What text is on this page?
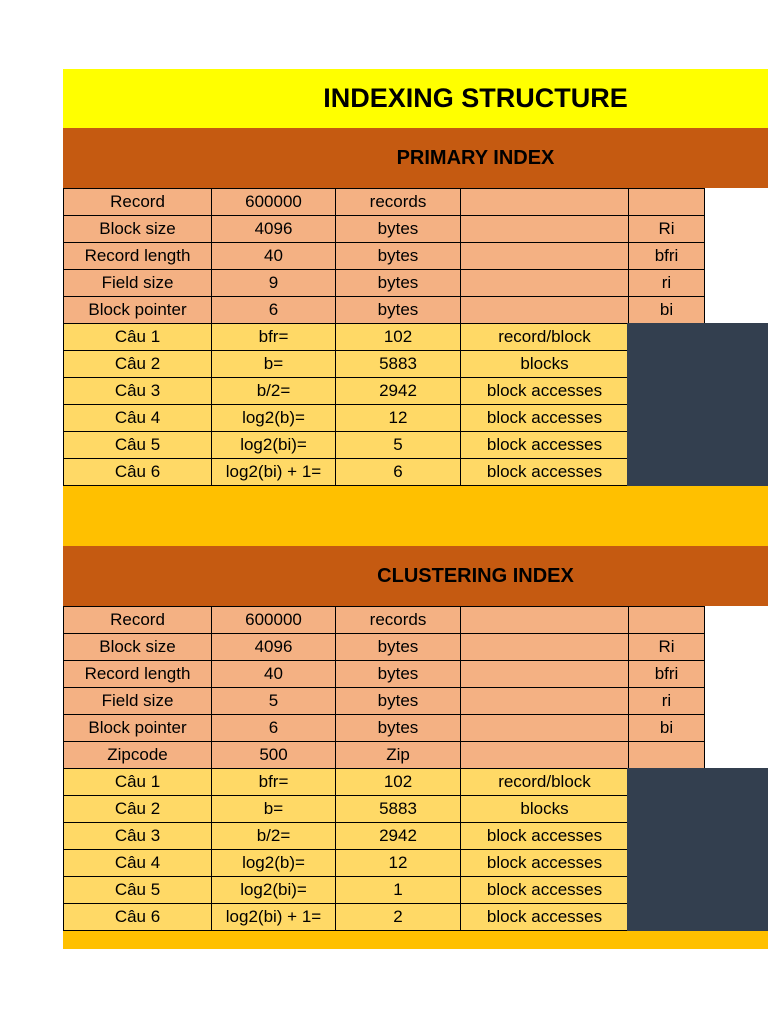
INDEXING STRUCTURE
PRIMARY INDEX
Record	600000	records		
Block size	4096	bytes		Ri
Record length	40	bytes		bfri
Field size	9	bytes		ri
Block pointer	6	bytes		bi
Câu 1	bfr=	102	record/block	
Câu 2	b=	5883	blocks	
Câu 3	b/2=	2942	block accesses	
Câu 4	log2(b)=	12	block accesses	
Câu 5	log2(bi)=	5	block accesses	
Câu 6	log2(bi) + 1=	6	block accesses	
CLUSTERING INDEX
Record	600000	records		
Block size	4096	bytes		Ri
Record length	40	bytes		bfri
Field size	5	bytes		ri
Block pointer	6	bytes		bi
Zipcode	500	Zip		
Câu 1	bfr=	102	record/block	
Câu 2	b=	5883	blocks	
Câu 3	b/2=	2942	block accesses	
Câu 4	log2(b)=	12	block accesses	
Câu 5	log2(bi)=	1	block accesses	
Câu 6	log2(bi) + 1=	2	block accesses	
